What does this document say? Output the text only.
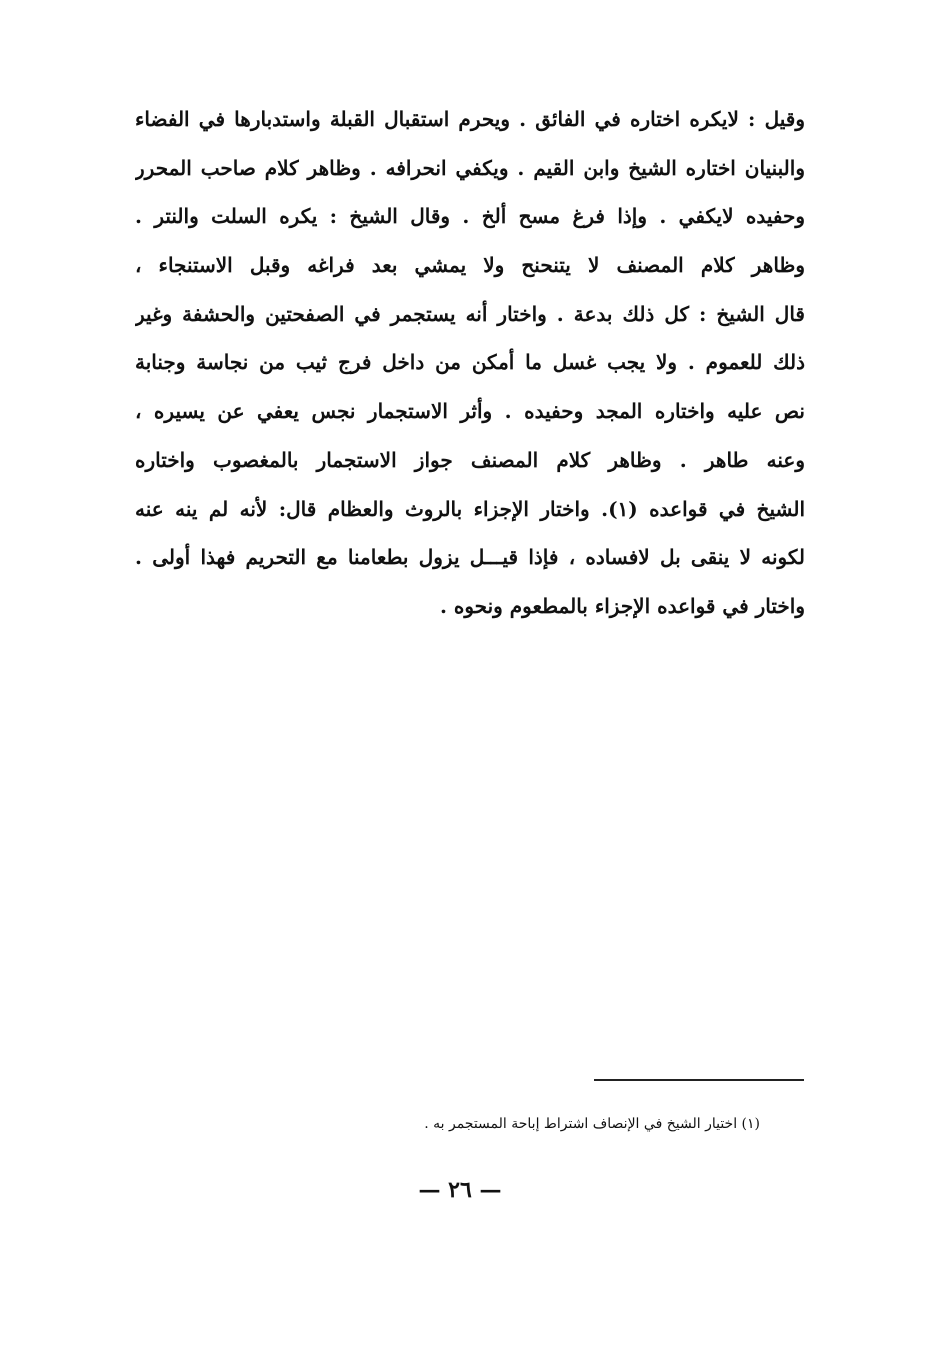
وقيل : لايكره اختاره في الفائق . ويحرم استقبال القبلة واستدبارها في الفضاء
والبنيان اختاره الشيخ وابن القيم . ويكفي انحرافه . وظاهر كلام صاحب المحرر
وحفيده لايكفي . وإذا فرغ مسح ألخ . وقال الشيخ : يكره السلت والنتر .
وظاهر كلام المصنف لا يتنحنح ولا يمشي بعد فراغه وقبل الاستنجاء ،
قال الشيخ : كل ذلك بدعة . واختار أنه يستجمر في الصفحتين والحشفة وغير
ذلك للعموم . ولا يجب غسل ما أمكن من داخل فرج ثيب من نجاسة وجنابة
نص عليه واختاره المجد وحفيده . وأثر الاستجمار نجس يعفي عن يسيره ،
وعنه طاهر . وظاهر كلام المصنف جواز الاستجمار بالمغصوب واختاره
الشيخ في قواعده (١). واختار الإجزاء بالروث والعظام قال: لأنه لم ينه عنه
لكونه لا ينقى بل لافساده ، فإذا قيـــل يزول بطعامنا مع التحريم فهذا أولى .
واختار في قواعده الإجزاء بالمطعوم ونحوه .
(١) اختيار الشيخ في الإنصاف اشتراط إباحة المستجمر به .
— ٢٦ —
